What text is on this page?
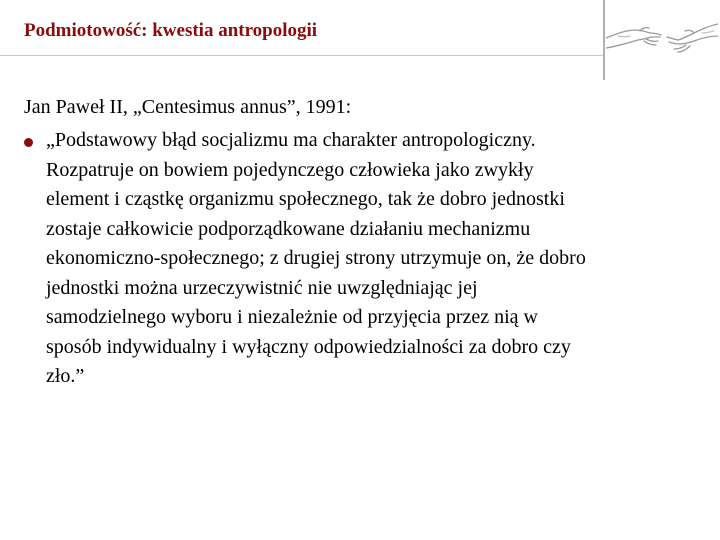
Podmiotowość: kwestia antropologii
Jan Paweł II, „Centesimus annus”, 1991:
„Podstawowy błąd socjalizmu ma charakter antropologiczny.
Rozpatruje on bowiem pojedynczego człowieka jako zwykły
element i cząstkę organizmu społecznego, tak że dobro jednostki
zostaje całkowicie podporządkowane działaniu mechanizmu
ekonomiczno-społecznego; z drugiej strony utrzymuje on, że dobro
jednostki można urzeczywistnić nie uwzględniając jej
samodzielnego wyboru i niezależnie od przyjęcia przez nią w
sposób indywidualny i wyłączny odpowiedzialności za dobro czy
zło.”
